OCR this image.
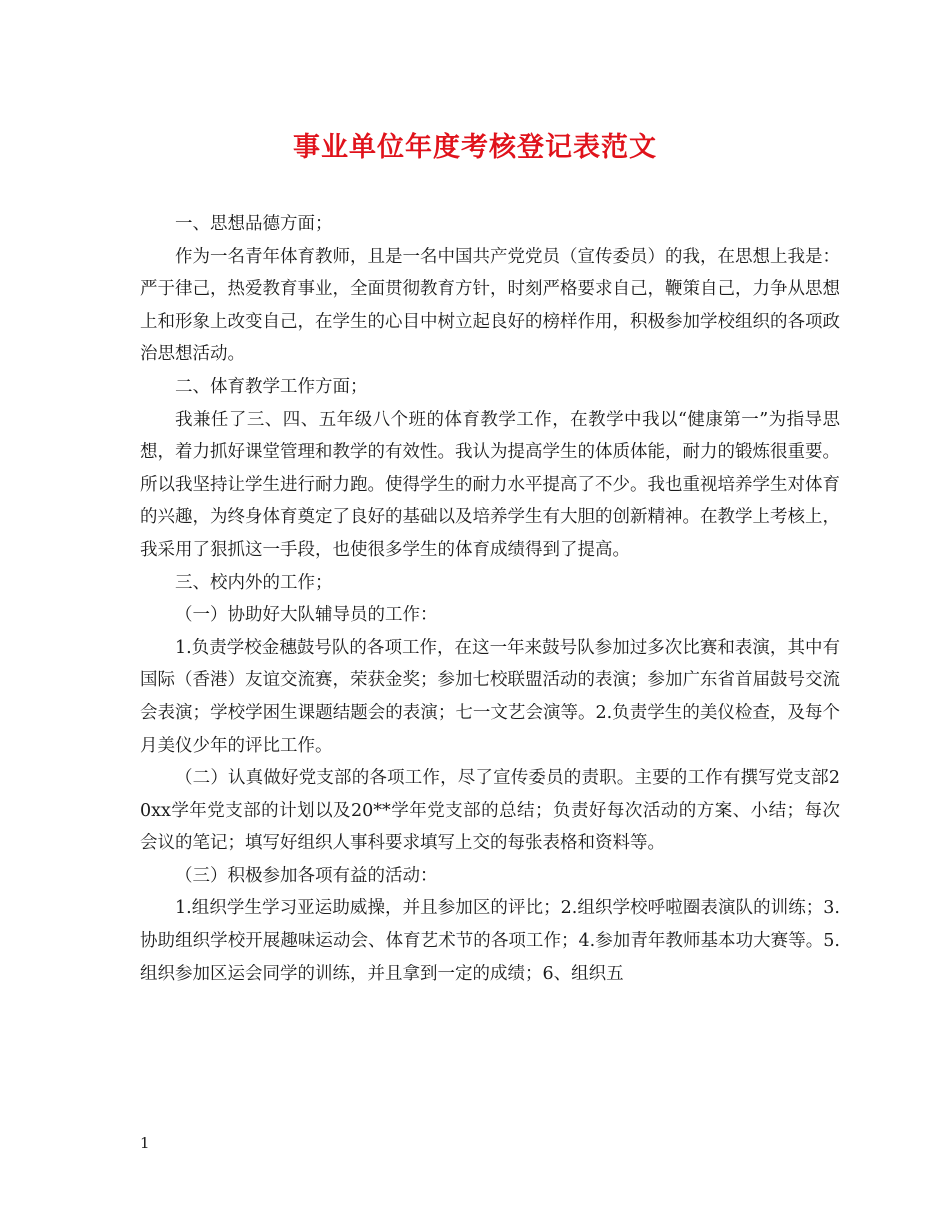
事业单位年度考核登记表范文

一、思想品德方面；

作为一名青年体育教师，且是一名中国共产党党员（宣传委员）的我，在思想上我是：严于律己，热爱教育事业，全面贯彻教育方针，时刻严格要求自己，鞭策自己，力争从思想上和形象上改变自己，在学生的心目中树立起良好的榜样作用，积极参加学校组织的各项政治思想活动。

二、体育教学工作方面；

我兼任了三、四、五年级八个班的体育教学工作，在教学中我以“健康第一”为指导思想，着力抓好课堂管理和教学的有效性。我认为提高学生的体质体能，耐力的锻炼很重要。所以我坚持让学生进行耐力跑。使得学生的耐力水平提高了不少。我也重视培养学生对体育的兴趣，为终身体育奠定了良好的基础以及培养学生有大胆的创新精神。在教学上考核上，我采用了狠抓这一手段，也使很多学生的体育成绩得到了提高。

三、校内外的工作；

（一）协助好大队辅导员的工作：

1.负责学校金穗鼓号队的各项工作，在这一年来鼓号队参加过多次比赛和表演，其中有国际（香港）友谊交流赛，荣获金奖；参加七校联盟活动的表演；参加广东省首届鼓号交流会表演；学校学困生课题结题会的表演；七一文艺会演等。2.负责学生的美仪检查，及每个月美仪少年的评比工作。

（二）认真做好党支部的各项工作，尽了宣传委员的责职。主要的工作有撰写党支部20xx学年党支部的计划以及20**学年党支部的总结；负责好每次活动的方案、小结；每次会议的笔记；填写好组织人事科要求填写上交的每张表格和资料等。

（三）积极参加各项有益的活动：

1.组织学生学习亚运助威操，并且参加区的评比；2.组织学校呼啦圈表演队的训练；3.协助组织学校开展趣味运动会、体育艺术节的各项工作；4.参加青年教师基本功大赛等。5.组织参加区运会同学的训练，并且拿到一定的成绩；6、组织五

1
